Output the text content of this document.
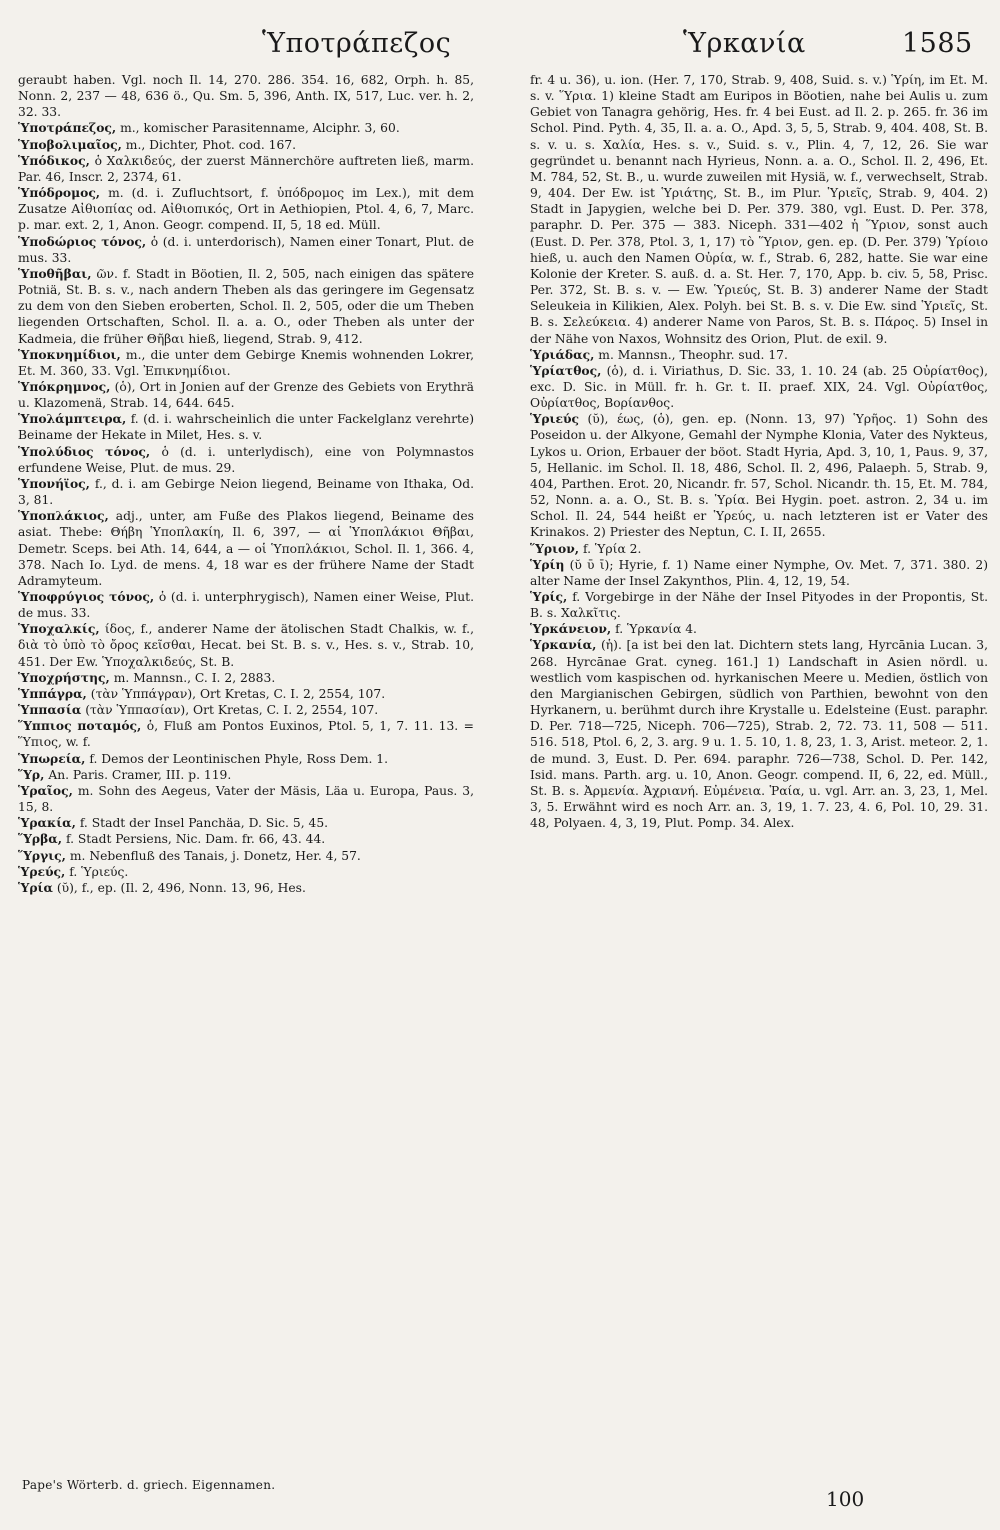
Ὑποτράπεζος	Ὑρκανία	1585

geraubt haben. Vgl. noch Il. 14, 270. 286. 354. 16, 682, Orph. h. 85, Nonn. 2, 237 — 48, 636 ö., Qu. Sm. 5, 396, Anth. IX, 517, Luc. ver. h. 2, 32. 33.

Ὑποτράπεζος, m., komischer Parasitenname, Alciphr. 3, 60.

Ὑποβολιμαῖος, m., Dichter, Phot. cod. 167.

Ὑπόδικος, ὁ Χαλκιδεύς, der zuerst Männerchöre auftreten ließ, marm. Par. 46, Inscr. 2, 2374, 61.

Ὑπόδρομος, m. (d. i. Zufluchtsort, f. ὑπόδρομος im Lex.), mit dem Zusatze Αἰθιοπίας od. Αἰθιοπικός, Ort in Aethiopien, Ptol. 4, 6, 7, Marc. p. mar. ext. 2, 1, Anon. Geogr. compend. II, 5, 18 ed. Müll.

Ὑποδώριος τόνος, ὁ (d. i. unterdorisch), Namen einer Tonart, Plut. de mus. 33.

Ὑποθῆβαι, ῶν. f. Stadt in Böotien, Il. 2, 505, nach einigen das spätere Potniä, St. B. s. v., nach andern Theben als das geringere im Gegensatz zu dem von den Sieben eroberten, Schol. Il. 2, 505, oder die um Theben liegenden Ortschaften, Schol. Il. a. a. O., oder Theben als unter der Kadmeia, die früher Θῆβαι hieß, liegend, Strab. 9, 412.

Ὑποκνημίδιοι, m., die unter dem Gebirge Knemis wohnenden Lokrer, Et. M. 360, 33. Vgl. Ἐπικνημίδιοι.

Ὑπόκρημνος, (ὁ), Ort in Jonien auf der Grenze des Gebiets von Erythrä u. Klazomenä, Strab. 14, 644. 645.

Ὑπολάμπτειρα, f. (d. i. wahrscheinlich die unter Fackelglanz verehrte) Beiname der Hekate in Milet, Hes. s. v.

Ὑπολύδιος τόνος, ὁ (d. i. unterlydisch), eine von Polymnastos erfundene Weise, Plut. de mus. 29.

Ὑπονήϊος, f., d. i. am Gebirge Neion liegend, Beiname von Ithaka, Od. 3, 81.

Ὑποπλάκιος, adj., unter, am Fuße des Plakos liegend, Beiname des asiat. Thebe: Θήβη Ὑποπλακίη, Il. 6, 397, — αἱ Ὑποπλάκιοι Θῆβαι, Demetr. Sceps. bei Ath. 14, 644, a — οἱ Ὑποπλάκιοι, Schol. Il. 1, 366. 4, 378. Nach Io. Lyd. de mens. 4, 18 war es der frühere Name der Stadt Adramyteum.

Ὑποφρύγιος τόνος, ὁ (d. i. unterphrygisch), Namen einer Weise, Plut. de mus. 33.

Ὑποχαλκίς, ίδος, f., anderer Name der ätolischen Stadt Chalkis, w. f., διὰ τὸ ὑπὸ τὸ ὄρος κεῖσθαι, Hecat. bei St. B. s. v., Hes. s. v., Strab. 10, 451. Der Ew. Ὑποχαλκιδεύς, St. B.

Ὑποχρήστης, m. Mannsn., C. I. 2, 2883.

Ὑππάγρα, (τὰν Ὑππάγραν), Ort Kretas, C. I. 2, 2554, 107.

Ὑππασία (τὰν Ὑππασίαν), Ort Kretas, C. I. 2, 2554, 107.

Ὕππιος ποταμός, ὁ, Fluß am Pontos Euxinos, Ptol. 5, 1, 7. 11. 13. = Ὕπιος, w. f.

Ὑπωρεία, f. Demos der Leontinischen Phyle, Ross Dem. 1.

Ὕρ, An. Paris. Cramer, III. p. 119.

Ὑραῖος, m. Sohn des Aegeus, Vater der Mäsis, Läa u. Europa, Paus. 3, 15, 8.

Ὑρακία, f. Stadt der Insel Panchäa, D. Sic. 5, 45.

Ὕρβα, f. Stadt Persiens, Nic. Dam. fr. 66, 43. 44.

Ὕργις, m. Nebenfluß des Tanais, j. Donetz, Her. 4, 57.

Ὑρεύς, f. Ὑριεύς.

Ὑρία (ῠ), f., ep. (Il. 2, 496, Nonn. 13, 96, Hes.

fr. 4 u. 36), u. ion. (Her. 7, 170, Strab. 9, 408, Suid. s. v.) Ὑρίη, im Et. M. s. v. Ὕρια. 1) kleine Stadt am Euripos in Böotien, nahe bei Aulis u. zum Gebiet von Tanagra gehörig, Hes. fr. 4 bei Eust. ad Il. 2. p. 265. fr. 36 im Schol. Pind. Pyth. 4, 35, Il. a. a. O., Apd. 3, 5, 5, Strab. 9, 404. 408, St. B. s. v. u. s. Χαλία, Hes. s. v., Suid. s. v., Plin. 4, 7, 12, 26. Sie war gegründet u. benannt nach Hyrieus, Nonn. a. a. O., Schol. Il. 2, 496, Et. M. 784, 52, St. B., u. wurde zuweilen mit Hysiä, w. f., verwechselt, Strab. 9, 404. Der Ew. ist Ὑριάτης, St. B., im Plur. Ὑριεῖς, Strab. 9, 404. 2) Stadt in Japygien, welche bei D. Per. 379. 380, vgl. Eust. D. Per. 378, paraphr. D. Per. 375 — 383. Niceph. 331—402 ἡ Ὕριον, sonst auch (Eust. D. Per. 378, Ptol. 3, 1, 17) τὸ Ὕριον, gen. ep. (D. Per. 379) Ὑρίοιο hieß, u. auch den Namen Οὐρία, w. f., Strab. 6, 282, hatte. Sie war eine Kolonie der Kreter. S. auß. d. a. St. Her. 7, 170, App. b. civ. 5, 58, Prisc. Per. 372, St. B. s. v. — Ew. Ὑριεύς, St. B. 3) anderer Name der Stadt Seleukeia in Kilikien, Alex. Polyh. bei St. B. s. v. Die Ew. sind Ὑριεῖς, St. B. s. Σελεύκεια. 4) anderer Name von Paros, St. B. s. Πάρος. 5) Insel in der Nähe von Naxos, Wohnsitz des Orion, Plut. de exil. 9.

Ὑριάδας, m. Mannsn., Theophr. sud. 17.

Ὑρίατθος, (ὁ), d. i. Viriathus, D. Sic. 33, 1. 10. 24 (ab. 25 Οὐρίατθος), exc. D. Sic. in Müll. fr. h. Gr. t. II. praef. XIX, 24. Vgl. Οὐρίατθος, Οὐρίατθος, Βορίανθος.

Ὑριεύς (ῠ), έως, (ὁ), gen. ep. (Nonn. 13, 97) Ὑρῆος. 1) Sohn des Poseidon u. der Alkyone, Gemahl der Nymphe Klonia, Vater des Nykteus, Lykos u. Orion, Erbauer der böot. Stadt Hyria, Apd. 3, 10, 1, Paus. 9, 37, 5, Hellanic. im Schol. Il. 18, 486, Schol. Il. 2, 496, Palaeph. 5, Strab. 9, 404, Parthen. Erot. 20, Nicandr. fr. 57, Schol. Nicandr. th. 15, Et. M. 784, 52, Nonn. a. a. O., St. B. s. Ὑρία. Bei Hygin. poet. astron. 2, 34 u. im Schol. Il. 24, 544 heißt er Ὑρεύς, u. nach letzteren ist er Vater des Krinakos. 2) Priester des Neptun, C. I. II, 2655.

Ὕριον, f. Ὑρία 2.

Ὑρίη (ῠ ῡ ῑ); Hyrie, f. 1) Name einer Nymphe, Ov. Met. 7, 371. 380. 2) alter Name der Insel Zakynthos, Plin. 4, 12, 19, 54.

Ὑρίς, f. Vorgebirge in der Nähe der Insel Pityodes in der Propontis, St. B. s. Χαλκῖτις.

Ὑρκάνειον, f. Ὑρκανία 4.

Ὑρκανία, (ἡ). [a ist bei den lat. Dichtern stets lang, Hyrcānia Lucan. 3, 268. Hyrcānae Grat. cyneg. 161.] 1) Landschaft in Asien nördl. u. westlich vom kaspischen od. hyrkanischen Meere u. Medien, östlich von den Margianischen Gebirgen, südlich von Parthien, bewohnt von den Hyrkanern, u. berühmt durch ihre Krystalle u. Edelsteine (Eust. paraphr. D. Per. 718—725, Niceph. 706—725), Strab. 2, 72. 73. 11, 508 — 511. 516. 518, Ptol. 6, 2, 3. arg. 9 u. 1. 5. 10, 1. 8, 23, 1. 3, Arist. meteor. 2, 1. de mund. 3, Eust. D. Per. 694. paraphr. 726—738, Schol. D. Per. 142, Isid. mans. Parth. arg. u. 10, Anon. Geogr. compend. II, 6, 22, ed. Müll., St. B. s. Ἀρμενία. Ἀχριανή. Εὐμένεια. Ῥαία, u. vgl. Arr. an. 3, 23, 1, Mel. 3, 5. Erwähnt wird es noch Arr. an. 3, 19, 1. 7. 23, 4. 6, Pol. 10, 29. 31. 48, Polyaen. 4, 3, 19, Plut. Pomp. 34. Alex.

Pape's Wörterb. d. griech. Eigennamen.
100
